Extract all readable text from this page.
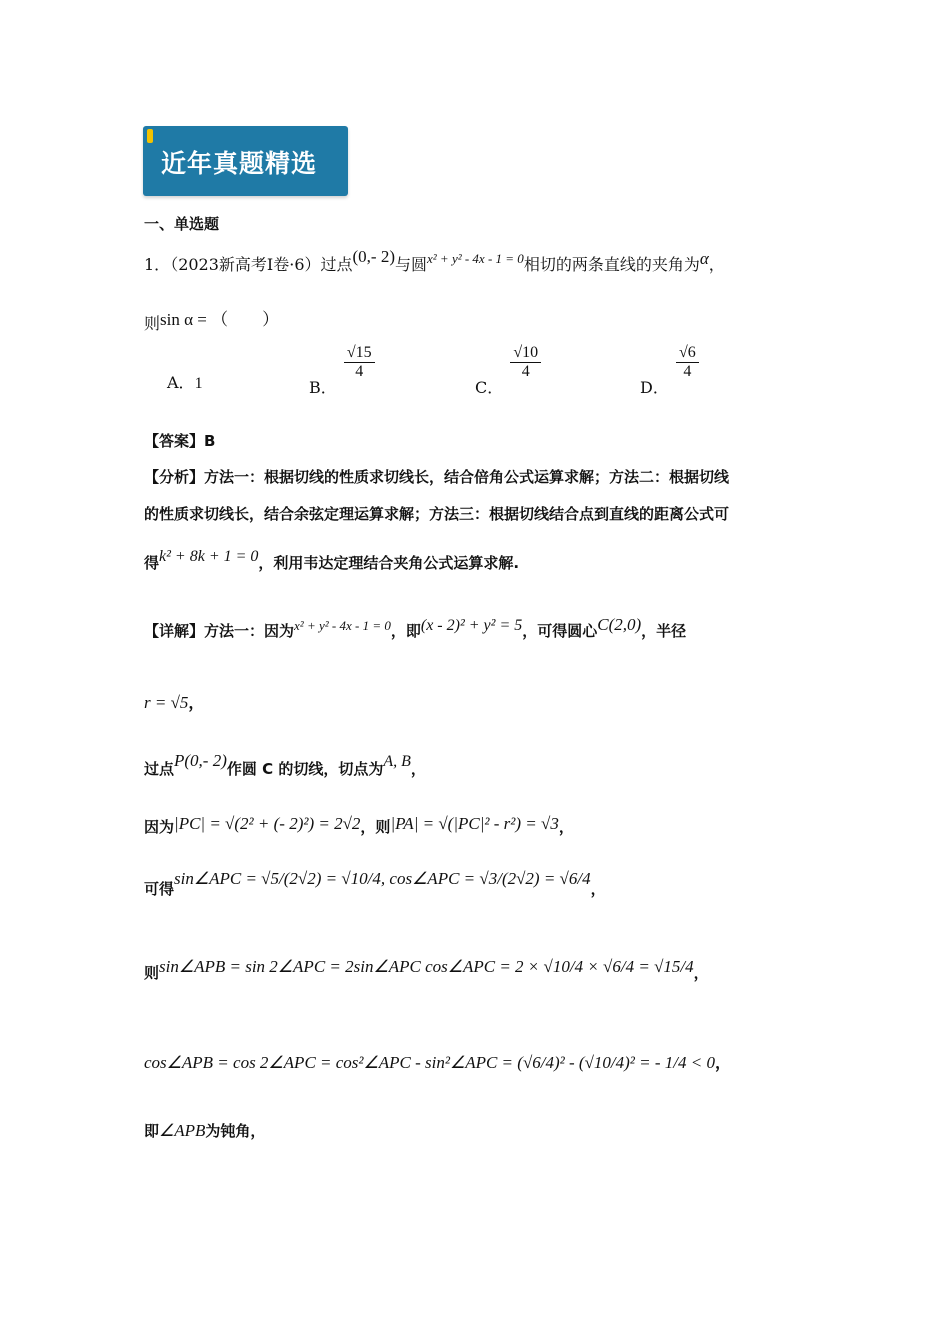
近年真题精选
一、单选题
1．（2023新高考Ⅰ卷·6）过点(0,- 2)与圆$^{x^2 + y^2 - 4x - 1 = 0}$相切的两条直线的夹角为α，
则sin α = （　　）
A．1	B．
$\frac{√15}{4}$
C．
$\frac{√10}{4}$
D．
$\frac{√6}{4}$
【答案】B
【分析】方法一：根据切线的性质求切线长，结合倍角公式运算求解；方法二：根据切线
的性质求切线长，结合余弦定理运算求解；方法三：根据切线结合点到直线的距离公式可
得k² + 8k + 1 = 0，利用韦达定理结合夹角公式运算求解.
【详解】方法一：因为x² + y² - 4x - 1 = 0，即(x - 2)² + y² = 5，可得圆心C(2,0)，半径
r = √5，
过点P(0,- 2)作圆 C 的切线，切点为A, B，
因为|PC| = √(2² + (- 2)²) = 2√2，则|PA| = √(|PC|² - r²) = √3，
可得sin∠APC = √5/(2√2) = √10/4, cos∠APC = √3/(2√2) = √6/4，
则sin∠APB = sin 2∠APC = 2sin∠APC cos∠APC = 2 × √10/4 × √6/4 = √15/4，
cos∠APB = cos 2∠APC = cos²∠APC - sin²∠APC = (√6/4)² - (√10/4)² = - 1/4 < 0，
即∠APB为钝角，
